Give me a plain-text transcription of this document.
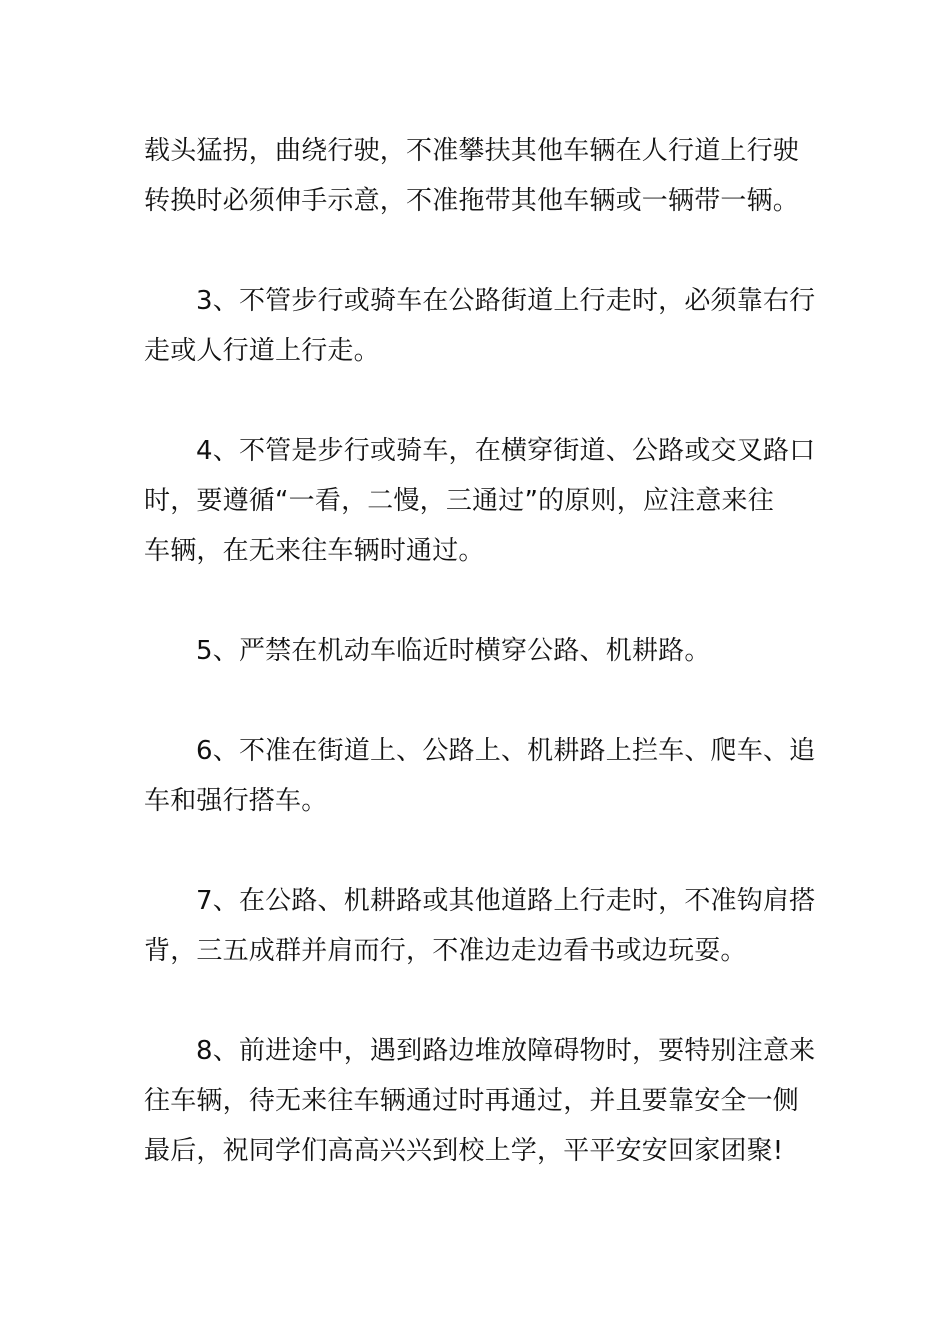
载头猛拐，曲绕行驶，不准攀扶其他车辆在人行道上行驶
转换时必须伸手示意，不准拖带其他车辆或一辆带一辆。
3、不管步行或骑车在公路街道上行走时，必须靠右行
走或人行道上行走。
4、不管是步行或骑车，在横穿街道、公路或交叉路口
时，要遵循“一看，二慢，三通过”的原则，应注意来往
车辆，在无来往车辆时通过。
5、严禁在机动车临近时横穿公路、机耕路。
6、不准在街道上、公路上、机耕路上拦车、爬车、追
车和强行搭车。
7、在公路、机耕路或其他道路上行走时，不准钩肩搭
背，三五成群并肩而行，不准边走边看书或边玩耍。
8、前进途中，遇到路边堆放障碍物时，要特别注意来
往车辆，待无来往车辆通过时再通过，并且要靠安全一侧
最后，祝同学们高高兴兴到校上学，平平安安回家团聚!
